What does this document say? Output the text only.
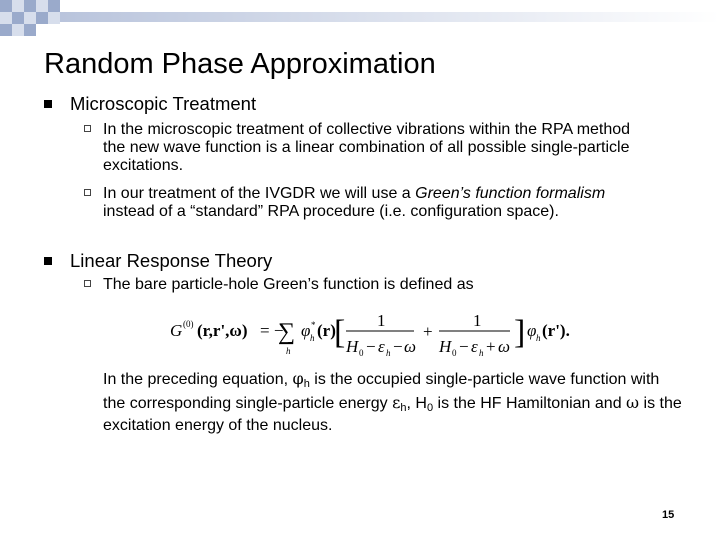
Random Phase Approximation
Microscopic Treatment
In the microscopic treatment of collective vibrations within the RPA method the new wave function is a linear combination of all possible single-particle excitations.
In our treatment of the IVGDR we will use a Green’s function formalism instead of a “standard” RPA procedure (i.e. configuration space).
Linear Response Theory
The bare particle-hole Green’s function is defined as
G (0) (r,r',ω) = −
∑
h
φ *
h (r)
[ 1
H 0 − ε h − ω
+
1
H 0 − ε h + ω ] φ h (r').
In the preceding equation, $\varphi_h$ is the occupied single-particle wave function with the corresponding single-particle energy $\varepsilon_h$, $H_0$ is the HF Hamiltonian and ω is the excitation energy of the nucleus.
15
